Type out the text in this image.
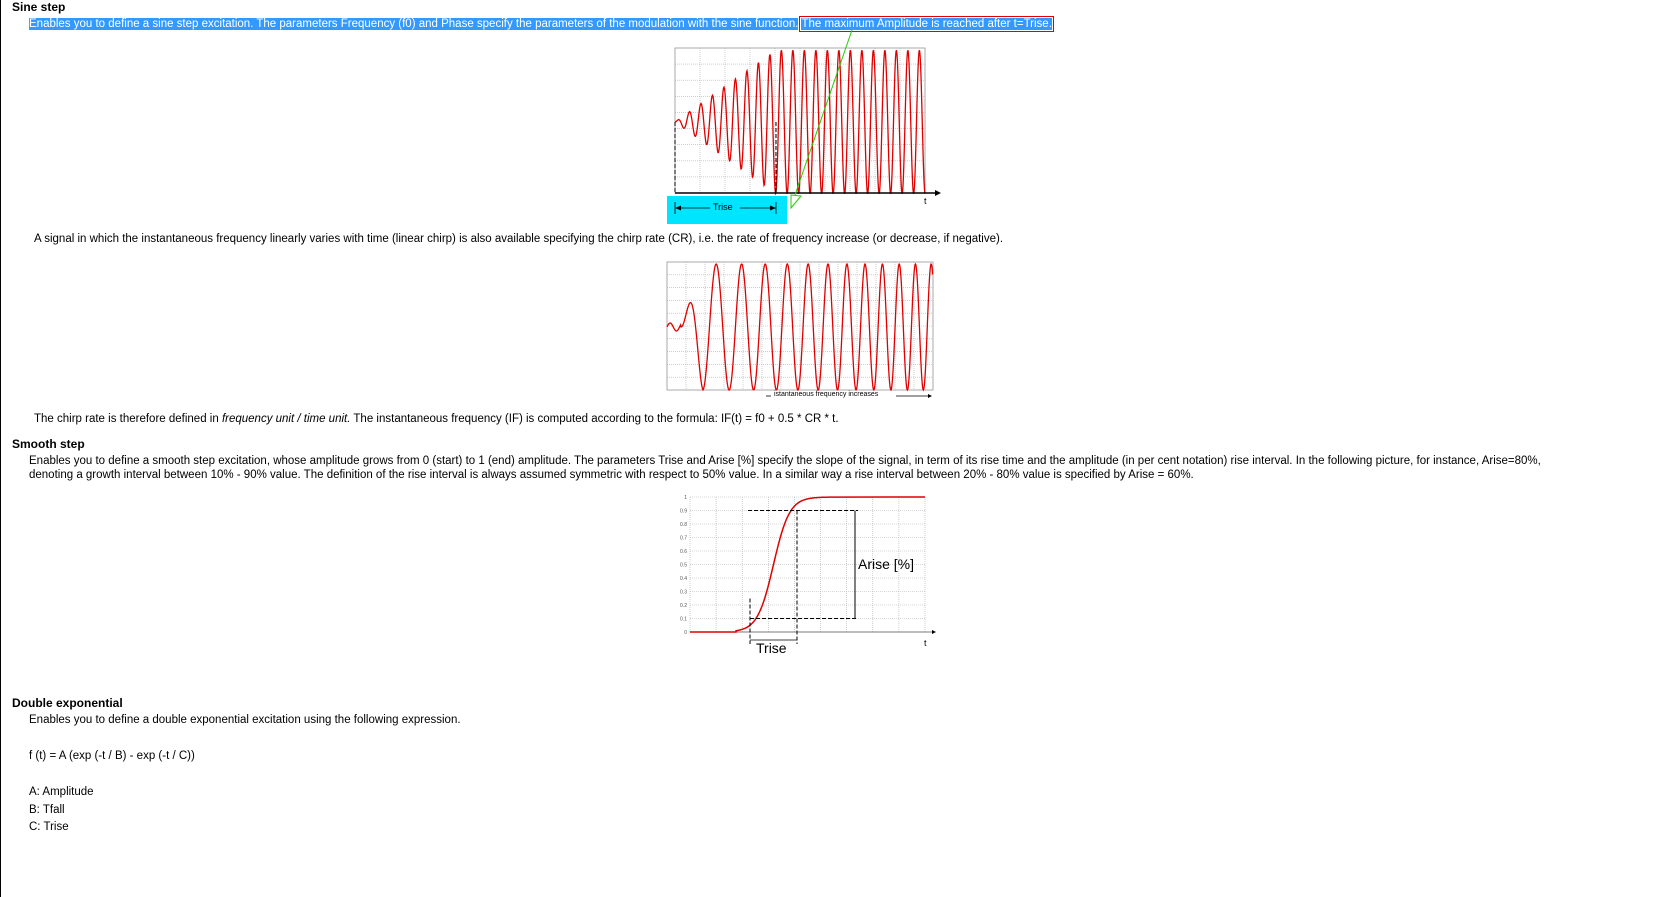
Sine step
Enables you to define a sine step excitation. The parameters Frequency (f0) and Phase specify the parameters of the modulation with the sine function. The maximum Amplitude is reached after t=Trise.
Trise
t
A signal in which the instantaneous frequency linearly varies with time (linear chirp) is also available specifying the chirp rate (CR), i.e. the rate of frequency increase (or decrease, if negative).
istantaneous frequency increases
The chirp rate is therefore defined in frequency unit / time unit. The instantaneous frequency (IF) is computed according to the formula: IF(t) = f0 + 0.5 * CR * t.
Smooth step
Enables you to define a smooth step excitation, whose amplitude grows from 0 (start) to 1 (end) amplitude. The parameters Trise and Arise [%] specify the slope of the signal, in term of its rise time and the amplitude (in per cent notation) rise interval. In the following picture, for instance, Arise=80%,
denoting a growth interval between 10% - 90% value. The definition of the rise interval is always assumed symmetric with respect to 50% value. In a similar way a rise interval between 20% - 80% value is specified by Arise = 60%.
1
0.9
0.8
0.7
0.6
0.5
0.4
0.3
0.2
0.1
0
Arise [%]
Trise	t
Double exponential
Enables you to define a double exponential excitation using the following expression.
f (t) = A (exp (-t / B) - exp (-t / C))
A: Amplitude
B: Tfall
C: Trise
